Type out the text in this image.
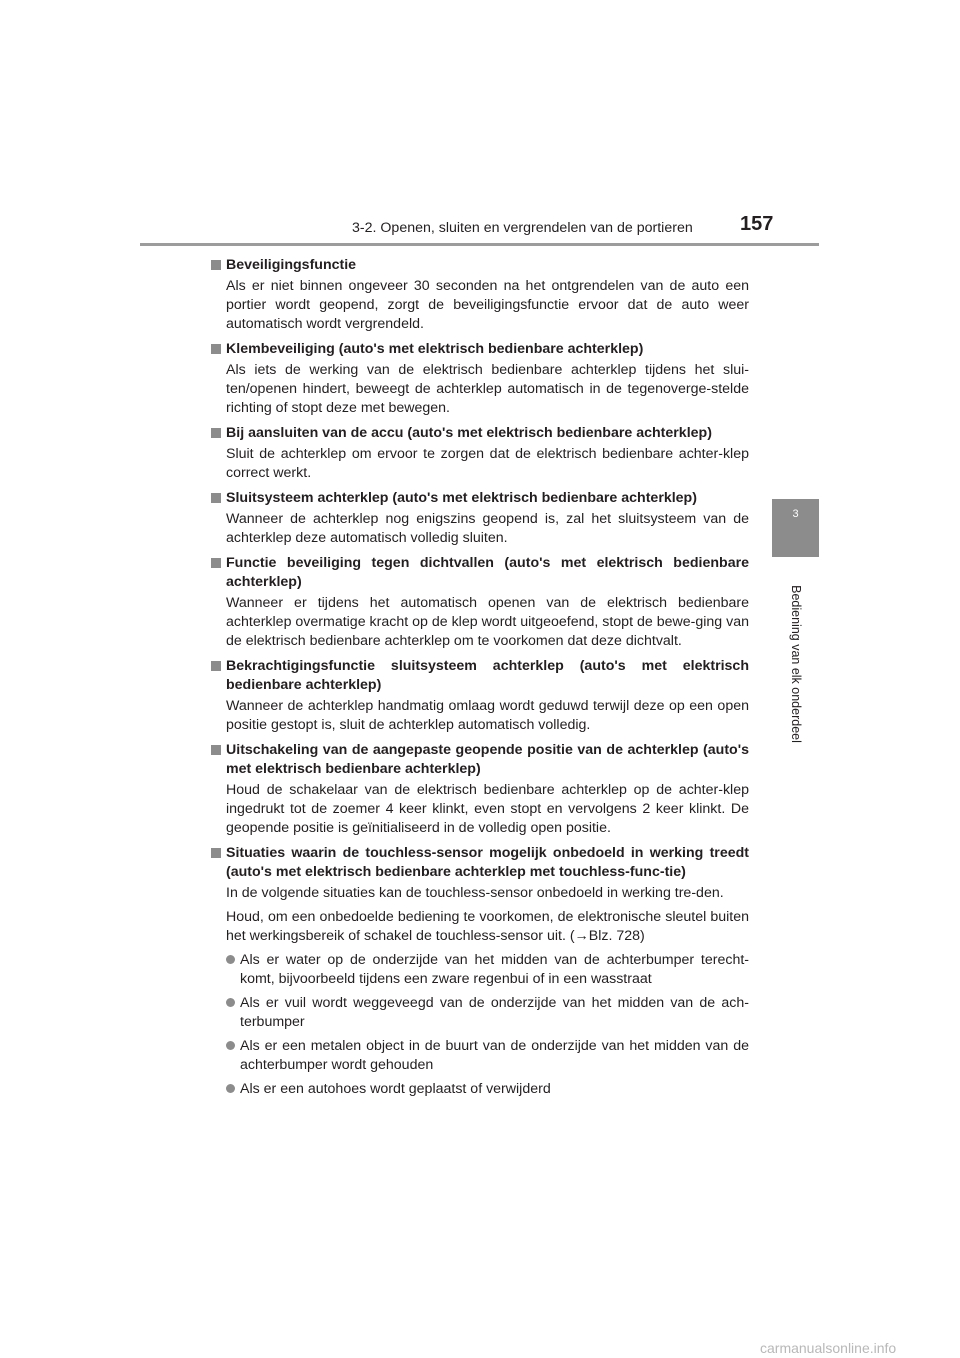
3-2. Openen, sluiten en vergrendelen van de portieren 157
3
Bediening van elk onderdeel
Beveiligingsfunctie
Als er niet binnen ongeveer 30 seconden na het ontgrendelen van de auto een portier wordt geopend, zorgt de beveiligingsfunctie ervoor dat de auto weer automatisch wordt vergrendeld.
Klembeveiliging (auto's met elektrisch bedienbare achterklep)
Als iets de werking van de elektrisch bedienbare achterklep tijdens het slui-ten/openen hindert, beweegt de achterklep automatisch in de tegenoverge-stelde richting of stopt deze met bewegen.
Bij aansluiten van de accu (auto's met elektrisch bedienbare achterklep)
Sluit de achterklep om ervoor te zorgen dat de elektrisch bedienbare achter-klep correct werkt.
Sluitsysteem achterklep (auto's met elektrisch bedienbare achterklep)
Wanneer de achterklep nog enigszins geopend is, zal het sluitsysteem van de achterklep deze automatisch volledig sluiten.
Functie beveiliging tegen dichtvallen (auto's met elektrisch bedienbare achterklep)
Wanneer er tijdens het automatisch openen van de elektrisch bedienbare achterklep overmatige kracht op de klep wordt uitgeoefend, stopt de bewe-ging van de elektrisch bedienbare achterklep om te voorkomen dat deze dichtvalt.
Bekrachtigingsfunctie sluitsysteem achterklep (auto's met elektrisch bedienbare achterklep)
Wanneer de achterklep handmatig omlaag wordt geduwd terwijl deze op een open positie gestopt is, sluit de achterklep automatisch volledig.
Uitschakeling van de aangepaste geopende positie van de achterklep (auto's met elektrisch bedienbare achterklep)
Houd de schakelaar van de elektrisch bedienbare achterklep op de achter-klep ingedrukt tot de zoemer 4 keer klinkt, even stopt en vervolgens 2 keer klinkt. De geopende positie is geïnitialiseerd in de volledig open positie.
Situaties waarin de touchless-sensor mogelijk onbedoeld in werking treedt (auto's met elektrisch bedienbare achterklep met touchless-func-tie)
In de volgende situaties kan de touchless-sensor onbedoeld in werking tre-den.
Houd, om een onbedoelde bediening te voorkomen, de elektronische sleutel buiten het werkingsbereik of schakel de touchless-sensor uit. (→Blz. 728)
Als er water op de onderzijde van het midden van de achterbumper terecht-komt, bijvoorbeeld tijdens een zware regenbui of in een wasstraat
Als er vuil wordt weggeveegd van de onderzijde van het midden van de ach-terbumper
Als er een metalen object in de buurt van de onderzijde van het midden van de achterbumper wordt gehouden
Als er een autohoes wordt geplaatst of verwijderd
carmanualsonline.info
